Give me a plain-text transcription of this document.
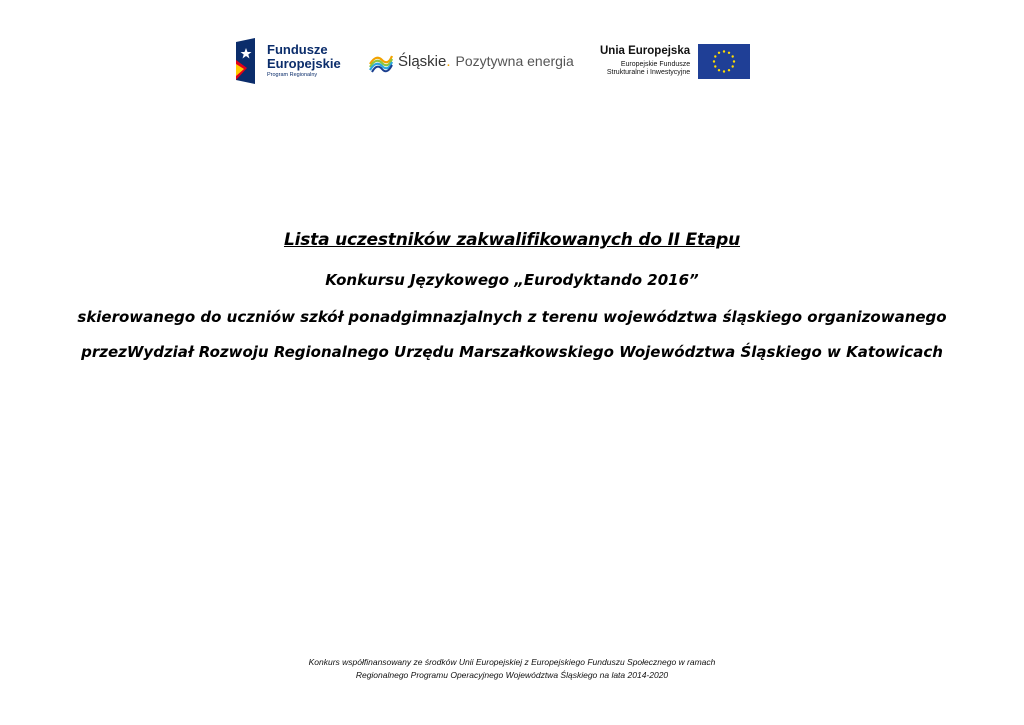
Fundusze
Europejskie
Program Regionalny
Śląskie . Pozytywna energia
Unia Europejska
Europejskie Fundusze
Strukturalne i Inwestycyjne
Lista uczestników zakwalifikowanych do II Etapu
Konkursu Językowego „Eurodyktando 2016”
skierowanego do uczniów szkół ponadgimnazjalnych z terenu województwa śląskiego organizowanego
przezWydział Rozwoju Regionalnego Urzędu Marszałkowskiego Województwa Śląskiego w Katowicach
Konkurs współfinansowany ze środków Unii Europejskiej z Europejskiego Funduszu Społecznego w ramach
Regionalnego Programu Operacyjnego Województwa Śląskiego na lata 2014-2020
